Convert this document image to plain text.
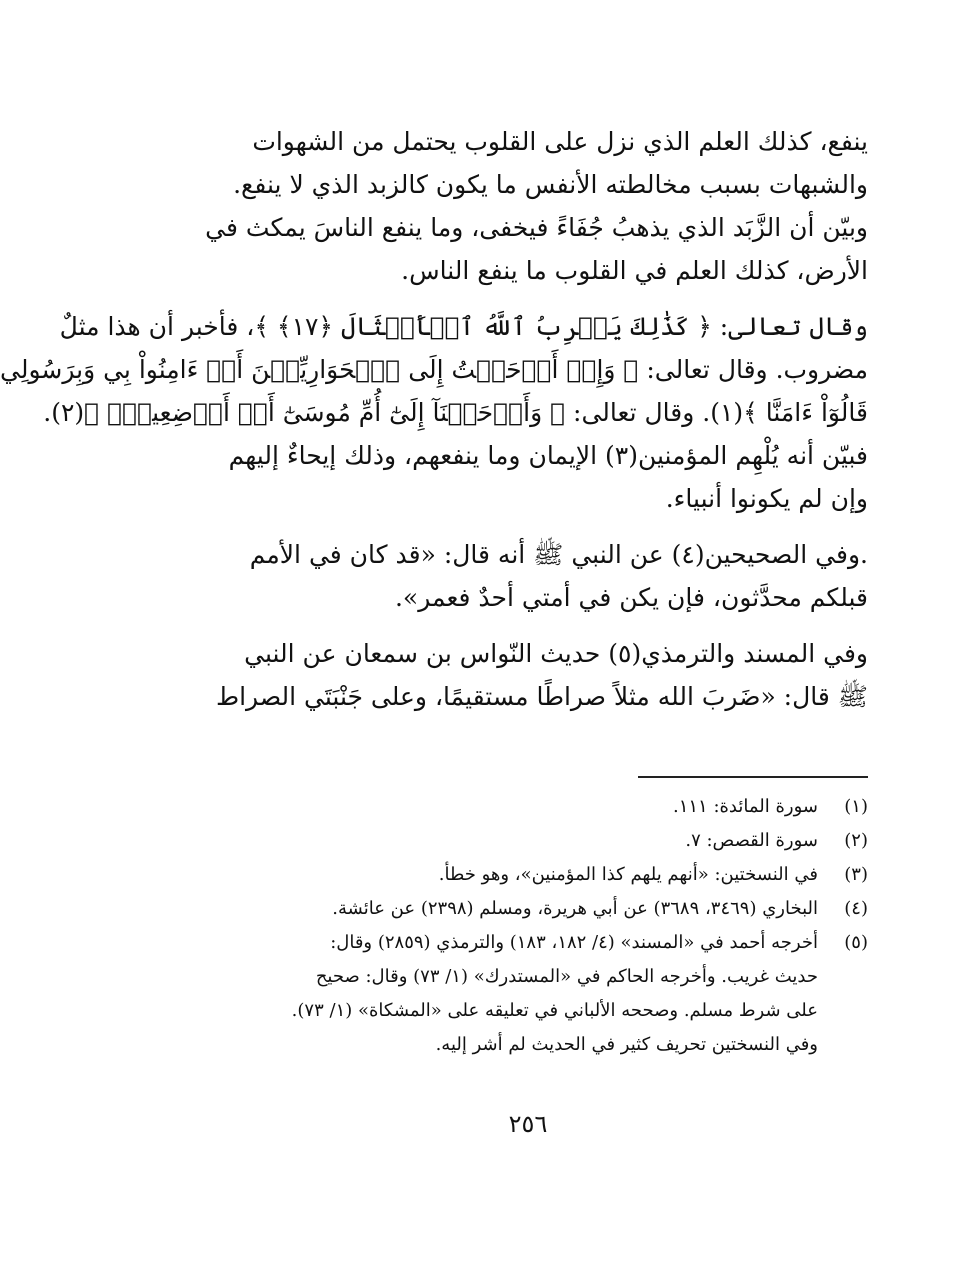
ينفع، كذلك العلم الذي نزل على القلوب يحتمل من الشهوات
والشبهات بسبب مخالطته الأنفس ما يكون كالزبد الذي لا ينفع.
وبيّن أن الزَّبَد الذي يذهبُ جُفَاءً فيخفى، وما ينفع الناسَ يمكث في
الأرض، كذلك العلم في القلوب ما ينفع الناس.

وقال تعالى: ﴿ كَذَٰلِكَ يَضۡرِبُ ٱللَّهُ ٱلۡأَمۡثَالَ ﴿١٧﴾ ﴾، فأخبر أن هذا مثلٌ
مضروب. وقال تعالى: ﴿ وَإِذۡ أَوۡحَيۡتُ إِلَى ٱلۡحَوَارِيِّـۧنَ أَنۡ ءَامِنُواْ بِي وَبِرَسُولِي
قَالُوٓاْ ءَامَنَّا ﴾(١). وقال تعالى: ﴿ وَأَوۡحَيۡنَآ إِلَىٰٓ أُمِّ مُوسَىٰٓ أَنۡ أَرۡضِعِيهِۖ ﴾(٢).
فبيّن أنه يُلْهِم المؤمنين(٣) الإيمان وما ينفعهم، وذلك إيحاءٌ إليهم
وإن لم يكونوا أنبياء.

.وفي الصحيحين(٤) عن النبي ﷺ أنه قال: «قد كان في الأمم
قبلكم محدَّثون، فإن يكن في أمتي أحدٌ فعمر».

وفي المسند والترمذي(٥) حديث النّواس بن سمعان عن النبي
ﷺ قال: «ضَربَ الله مثلاً صراطًا مستقيمًا، وعلى جَنْبَتَي الصراط

(١)
سورة المائدة: ١١١.
(٢)
سورة القصص: ٧.
(٣)
في النسختين: «أنهم يلهم كذا المؤمنين»، وهو خطأ.
(٤)
البخاري (٣٤٦٩، ٣٦٨٩) عن أبي هريرة، ومسلم (٢٣٩٨) عن عائشة.
(٥)
أخرجه أحمد في «المسند» (٤/ ١٨٢، ١٨٣) والترمذي (٢٨٥٩) وقال:
حديث غريب. وأخرجه الحاكم في «المستدرك» (١/ ٧٣) وقال: صحيح
على شرط مسلم. وصححه الألباني في تعليقه على «المشكاة» (١/ ٧٣).
وفي النسختين تحريف كثير في الحديث لم أشر إليه.
٢٥٦
